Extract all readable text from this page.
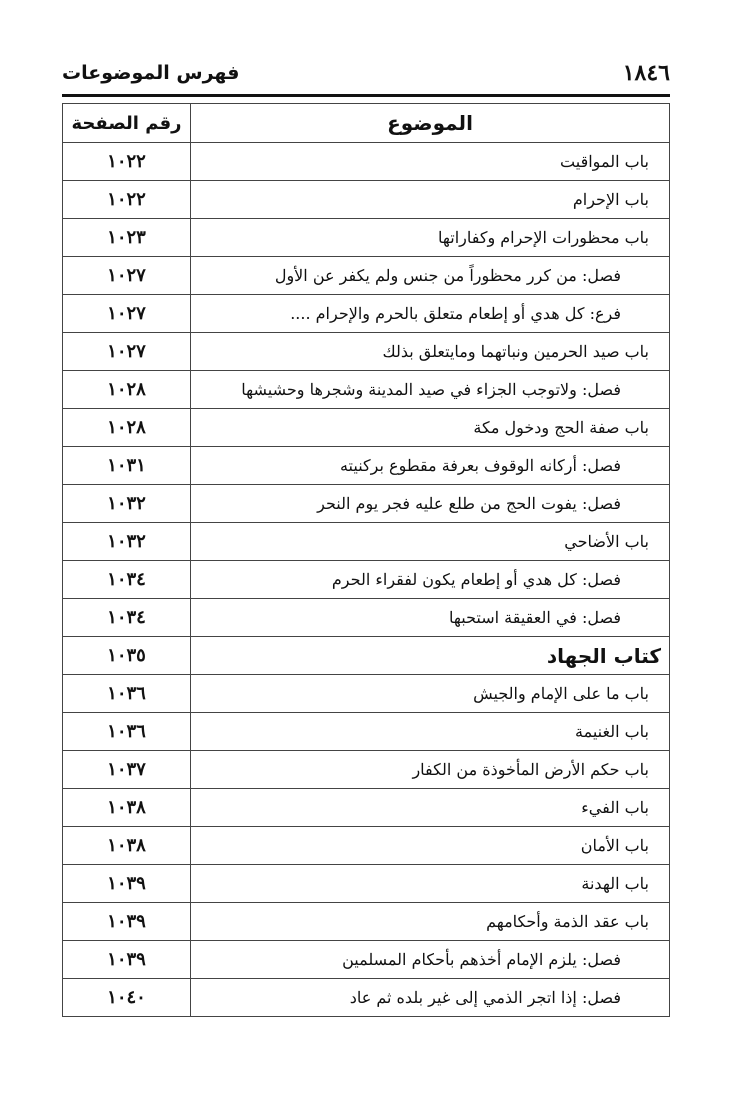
١٨٤٦
فهرس الموضوعات
الموضوع	رقم الصفحة
باب المواقيت	١٠٢٢
باب الإحرام	١٠٢٢
باب محظورات الإحرام وكفاراتها	١٠٢٣
فصل: من كرر محظوراً من جنس ولم يكفر عن الأول	١٠٢٧
فرع: كل هدي أو إطعام متعلق بالحرم والإحرام ....	١٠٢٧
باب صيد الحرمين ونباتهما ومايتعلق بذلك	١٠٢٧
فصل: ولاتوجب الجزاء في صيد المدينة وشجرها وحشيشها	١٠٢٨
باب صفة الحج ودخول مكة	١٠٢٨
فصل: أركانه الوقوف بعرفة مقطوع بركنيته	١٠٣١
فصل: يفوت الحج من طلع عليه فجر يوم النحر	١٠٣٢
باب الأضاحي	١٠٣٢
فصل: كل هدي أو إطعام يكون لفقراء الحرم	١٠٣٤
فصل: في العقيقة استحبها	١٠٣٤
كتاب الجهاد	١٠٣٥
باب ما على الإمام والجيش	١٠٣٦
باب الغنيمة	١٠٣٦
باب حكم الأرض المأخوذة من الكفار	١٠٣٧
باب الفيء	١٠٣٨
باب الأمان	١٠٣٨
باب الهدنة	١٠٣٩
باب عقد الذمة وأحكامهم	١٠٣٩
فصل: يلزم الإمام أخذهم بأحكام المسلمين	١٠٣٩
فصل: إذا اتجر الذمي إلى غير بلده ثم عاد	١٠٤٠
